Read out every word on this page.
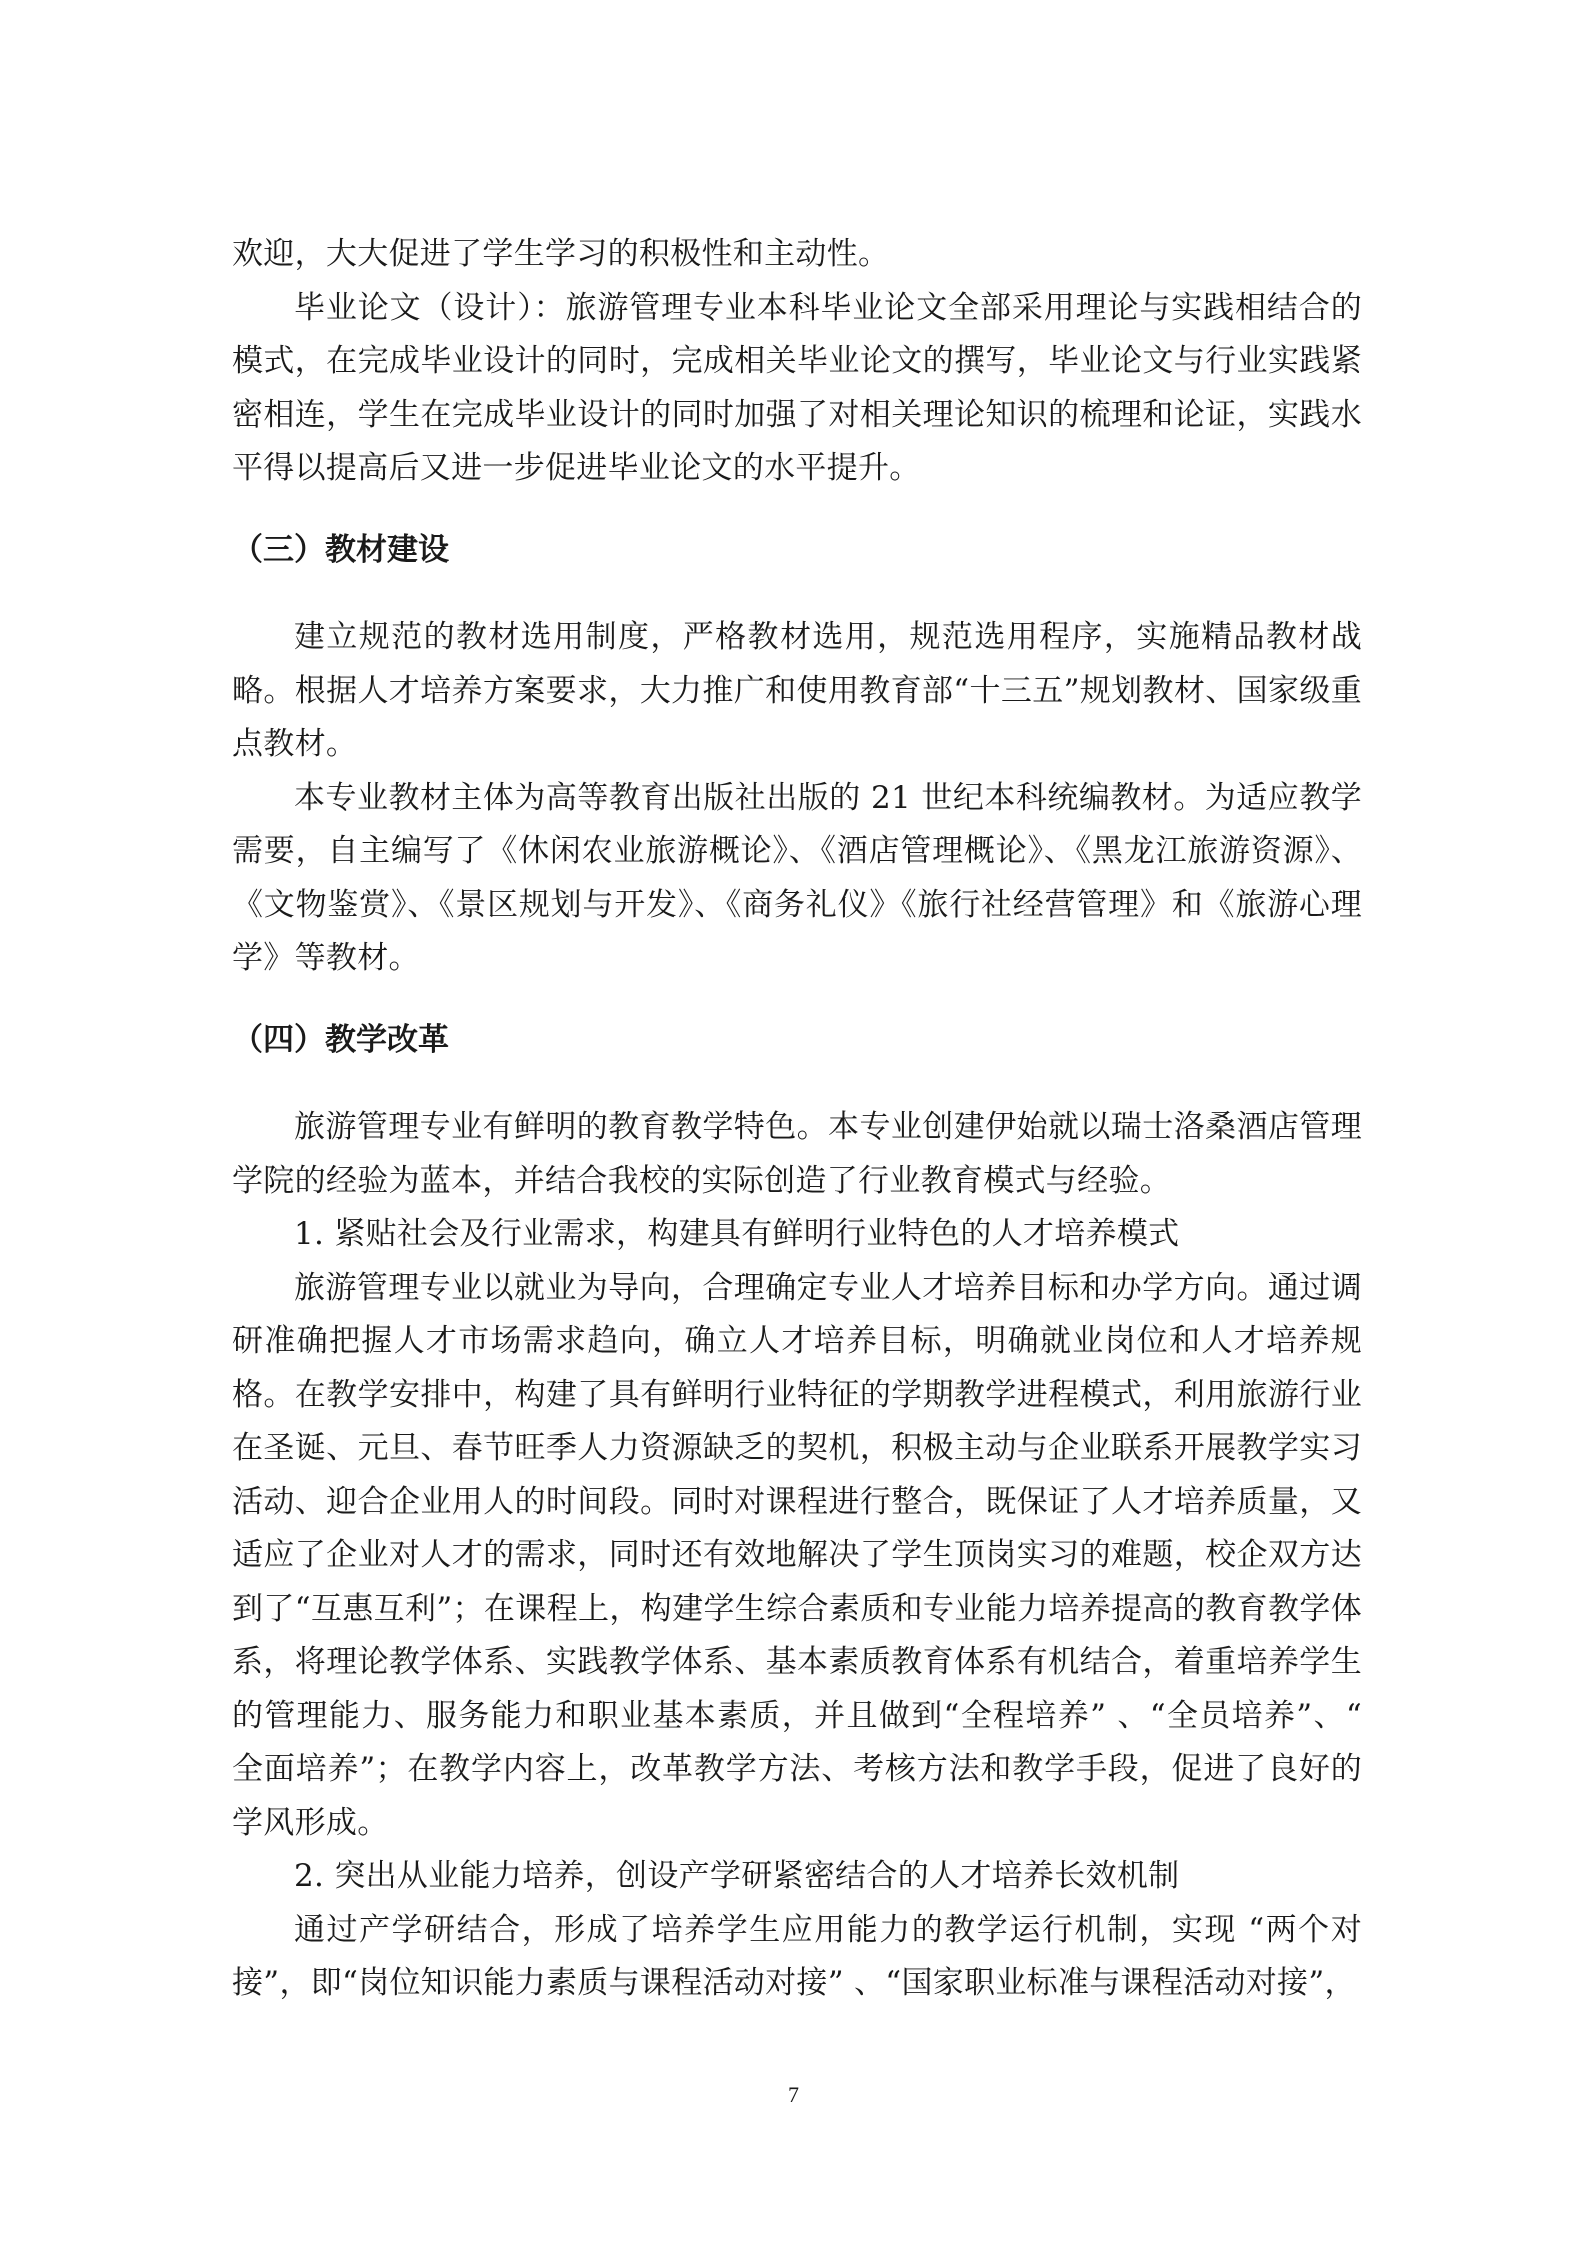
欢迎，大大促进了学生学习的积极性和主动性。

毕业论文（设计）：旅游管理专业本科毕业论文全部采用理论与实践相结合的模式，在完成毕业设计的同时，完成相关毕业论文的撰写，毕业论文与行业实践紧密相连，学生在完成毕业设计的同时加强了对相关理论知识的梳理和论证，实践水平得以提高后又进一步促进毕业论文的水平提升。

（三）教材建设

建立规范的教材选用制度，严格教材选用，规范选用程序，实施精品教材战略。根据人才培养方案要求，大力推广和使用教育部“十三五”规划教材、国家级重点教材。

本专业教材主体为高等教育出版社出版的 21 世纪本科统编教材。为适应教学需要，自主编写了《休闲农业旅游概论》、《酒店管理概论》、《黑龙江旅游资源》、《文物鉴赏》、《景区规划与开发》、《商务礼仪》《旅行社经营管理》和《旅游心理学》等教材。

（四）教学改革

旅游管理专业有鲜明的教育教学特色。本专业创建伊始就以瑞士洛桑酒店管理学院的经验为蓝本，并结合我校的实际创造了行业教育模式与经验。

1. 紧贴社会及行业需求，构建具有鲜明行业特色的人才培养模式

旅游管理专业以就业为导向，合理确定专业人才培养目标和办学方向。通过调研准确把握人才市场需求趋向，确立人才培养目标，明确就业岗位和人才培养规格。在教学安排中，构建了具有鲜明行业特征的学期教学进程模式，利用旅游行业在圣诞、元旦、春节旺季人力资源缺乏的契机，积极主动与企业联系开展教学实习活动、迎合企业用人的时间段。同时对课程进行整合，既保证了人才培养质量，又适应了企业对人才的需求，同时还有效地解决了学生顶岗实习的难题，校企双方达到了“互惠互利”；在课程上，构建学生综合素质和专业能力培养提高的教育教学体系，将理论教学体系、实践教学体系、基本素质教育体系有机结合，着重培养学生的管理能力、服务能力和职业基本素质，并且做到“全程培养” 、“全员培养”、“ 全面培养”；在教学内容上，改革教学方法、考核方法和教学手段，促进了良好的学风形成。

2. 突出从业能力培养，创设产学研紧密结合的人才培养长效机制

通过产学研结合，形成了培养学生应用能力的教学运行机制，实现 “两个对接”，即“岗位知识能力素质与课程活动对接” 、“国家职业标准与课程活动对接”，

7
